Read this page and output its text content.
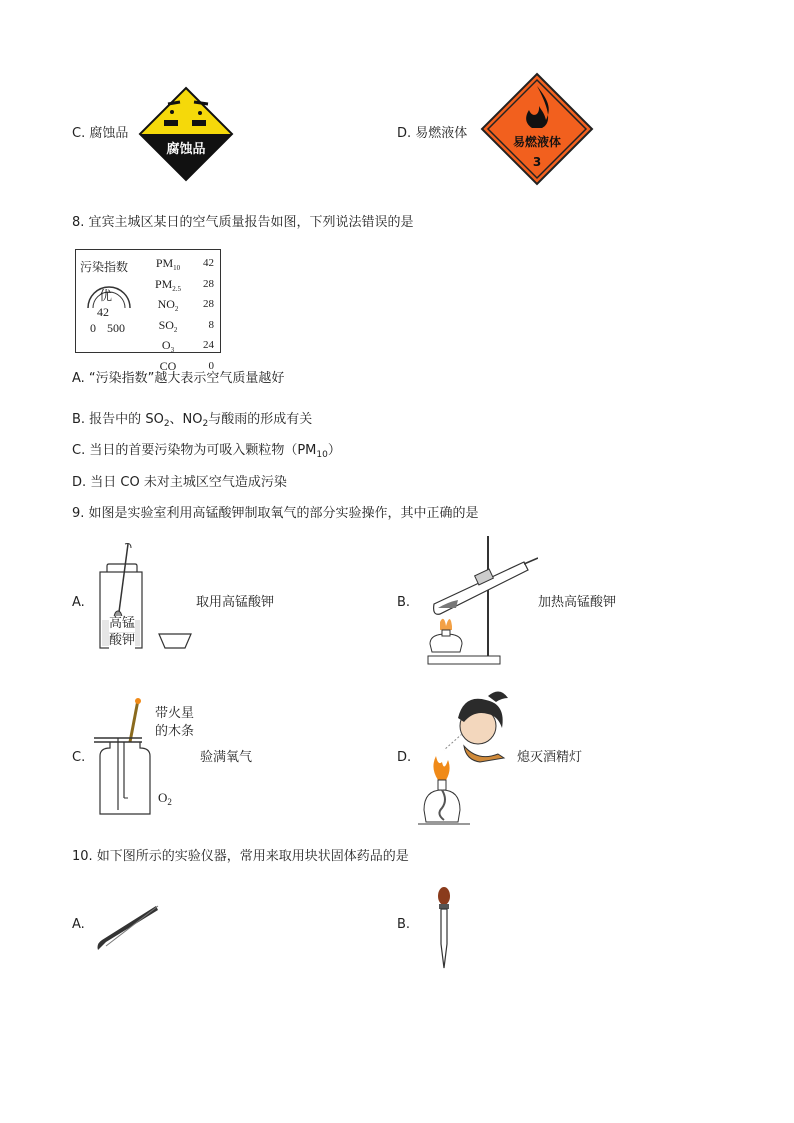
C. 腐蚀品
腐蚀品
D. 易燃液体
易燃液体
3
8. 宜宾主城区某日的空气质量报告如图，下列说法错误的是
污染指数
优
42
0 500
$PM_{10}$	42
$PM_{2.5}$	28
$NO_2$	28
$SO_2$	8
$O_3$	24
CO	0
A. “污染指数”越大表示空气质量越好
B. 报告中的 $SO_2$、$NO_2$与酸雨的形成有关
C. 当日的首要污染物为可吸入颗粒物$(PM_{10})$
D. 当日 CO 未对主城区空气造成污染
9. 如图是实验室利用高锰酸钾制取氧气的部分实验操作，其中正确的是
A.
高锰
酸钾
取用高锰酸钾	B.	加热高锰酸钾
C.
带火星
的木条
$O_2$
验满氧气	D.	熄灭酒精灯
10. 如下图所示的实验仪器，常用来取用块状固体药品的是
A.	B.
